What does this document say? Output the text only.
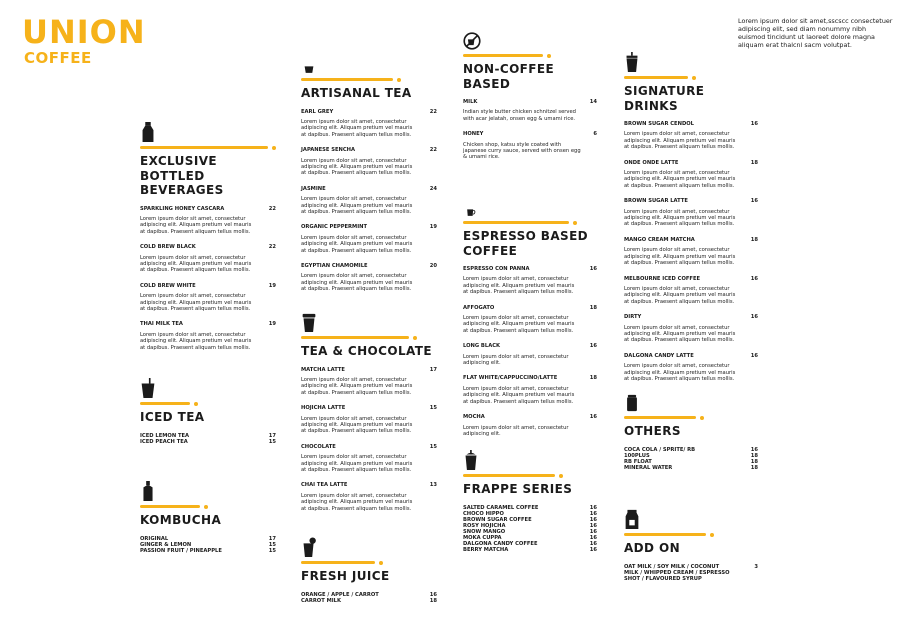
UNION
COFFEE
Lorem ipsum dolor sit amet,sscscc consectetuer adipiscing elit, sed diam nonummy nibh euismod tincidunt ut laoreet dolore magna aliquam erat thalcnl sacm volutpat.
EXCLUSIVE
BOTTLED
BEVERAGES
SPARKLING HONEY CASCARA	22
Lorem ipsum dolor sit amet, consectetur adipiscing elit. Aliquam pretium vel mauris at dapibus. Praesent aliquam tellus mollis.
COLD BREW BLACK	22
Lorem ipsum dolor sit amet, consectetur adipiscing elit. Aliquam pretium vel mauris at dapibus. Praesent aliquam tellus mollis.
COLD BREW WHITE	19
Lorem ipsum dolor sit amet, consectetur adipiscing elit. Aliquam pretium vel mauris at dapibus. Praesent aliquam tellus mollis.
THAI MILK TEA	19
Lorem ipsum dolor sit amet, consectetur adipiscing elit. Aliquam pretium vel mauris at dapibus. Praesent aliquam tellus mollis.
ICED TEA
ICED LEMON TEA	17
ICED PEACH TEA	15
KOMBUCHA
ORIGINAL	17
GINGER & LEMON	15
PASSION FRUIT / PINEAPPLE	15
ARTISANAL TEA
EARL GREY	22
Lorem ipsum dolor sit amet, consectetur adipiscing elit. Aliquam pretium vel mauris at dapibus. Praesent aliquam tellus mollis.
JAPANESE SENCHA	22
Lorem ipsum dolor sit amet, consectetur adipiscing elit. Aliquam pretium vel mauris at dapibus. Praesent aliquam tellus mollis.
JASMINE	24
Lorem ipsum dolor sit amet, consectetur adipiscing elit. Aliquam pretium vel mauris at dapibus. Praesent aliquam tellus mollis.
ORGANIC PEPPERMINT	19
Lorem ipsum dolor sit amet, consectetur adipiscing elit. Aliquam pretium vel mauris at dapibus. Praesent aliquam tellus mollis.
EGYPTIAN CHAMOMILE	20
Lorem ipsum dolor sit amet, consectetur adipiscing elit. Aliquam pretium vel mauris at dapibus. Praesent aliquam tellus mollis.
TEA & CHOCOLATE
MATCHA LATTE	17
Lorem ipsum dolor sit amet, consectetur adipiscing elit. Aliquam pretium vel mauris at dapibus. Praesent aliquam tellus mollis.
HOJICHA LATTE	15
Lorem ipsum dolor sit amet, consectetur adipiscing elit. Aliquam pretium vel mauris at dapibus. Praesent aliquam tellus mollis.
CHOCOLATE	15
Lorem ipsum dolor sit amet, consectetur adipiscing elit. Aliquam pretium vel mauris at dapibus. Praesent aliquam tellus mollis.
CHAI TEA LATTE	13
Lorem ipsum dolor sit amet, consectetur adipiscing elit. Aliquam pretium vel mauris at dapibus. Praesent aliquam tellus mollis.
FRESH JUICE
ORANGE / APPLE / CARROT	16
CARROT MILK	18
NON-COFFEE
BASED
MILK	14
Indian style butter chicken schnitzel served with acar jelatah, onsen egg & umami rice.
HONEY	6
Chicken shop, katsu style coated with japanese curry sauce, served with onsen egg & umami rice.
ESPRESSO BASED
COFFEE
ESPRESSO CON PANNA	16
Lorem ipsum dolor sit amet, consectetur adipiscing elit. Aliquam pretium vel mauris at dapibus. Praesent aliquam tellus mollis.
AFFOGATO	18
Lorem ipsum dolor sit amet, consectetur adipiscing elit. Aliquam pretium vel mauris at dapibus. Praesent aliquam tellus mollis.
LONG BLACK	16
Lorem ipsum dolor sit amet, consectetur adipiscing elit.
FLAT WHITE/CAPPUCCINO/LATTE	18
Lorem ipsum dolor sit amet, consectetur adipiscing elit. Aliquam pretium vel mauris at dapibus. Praesent aliquam tellus mollis.
MOCHA	16
Lorem ipsum dolor sit amet, consectetur adipiscing elit.
FRAPPE SERIES
SALTED CARAMEL COFFEE	16
CHOCO HIPPO	16
BROWN SUGAR COFFEE	16
ROSY HOJICHA	16
SNOW MANGO	16
MOKA CUPPA	16
DALGONA CANDY COFFEE	16
BERRY MATCHA	16
SIGNATURE
DRINKS
BROWN SUGAR CENDOL	16
Lorem ipsum dolor sit amet, consectetur adipiscing elit. Aliquam pretium vel mauris at dapibus. Praesent aliquam tellus mollis.
ONDE ONDE LATTE	18
Lorem ipsum dolor sit amet, consectetur adipiscing elit. Aliquam pretium vel mauris at dapibus. Praesent aliquam tellus mollis.
BROWN SUGAR LATTE	16
Lorem ipsum dolor sit amet, consectetur adipiscing elit. Aliquam pretium vel mauris at dapibus. Praesent aliquam tellus mollis.
MANGO CREAM MATCHA	18
Lorem ipsum dolor sit amet, consectetur adipiscing elit. Aliquam pretium vel mauris at dapibus. Praesent aliquam tellus mollis.
MELBOURNE ICED COFFEE	16
Lorem ipsum dolor sit amet, consectetur adipiscing elit. Aliquam pretium vel mauris at dapibus. Praesent aliquam tellus mollis.
DIRTY	16
Lorem ipsum dolor sit amet, consectetur adipiscing elit. Aliquam pretium vel mauris at dapibus. Praesent aliquam tellus mollis.
DALGONA CANDY LATTE	16
Lorem ipsum dolor sit amet, consectetur adipiscing elit. Aliquam pretium vel mauris at dapibus. Praesent aliquam tellus mollis.
OTHERS
COCA COLA / SPRITE/ RB	16
100PLUS	18
RB FLOAT	18
MINERAL WATER	18
ADD ON
OAT MILK / SOY MILK / COCONUT MILK / WHIPPED CREAM / ESPRESSO SHOT / FLAVOURED SYRUP
3
